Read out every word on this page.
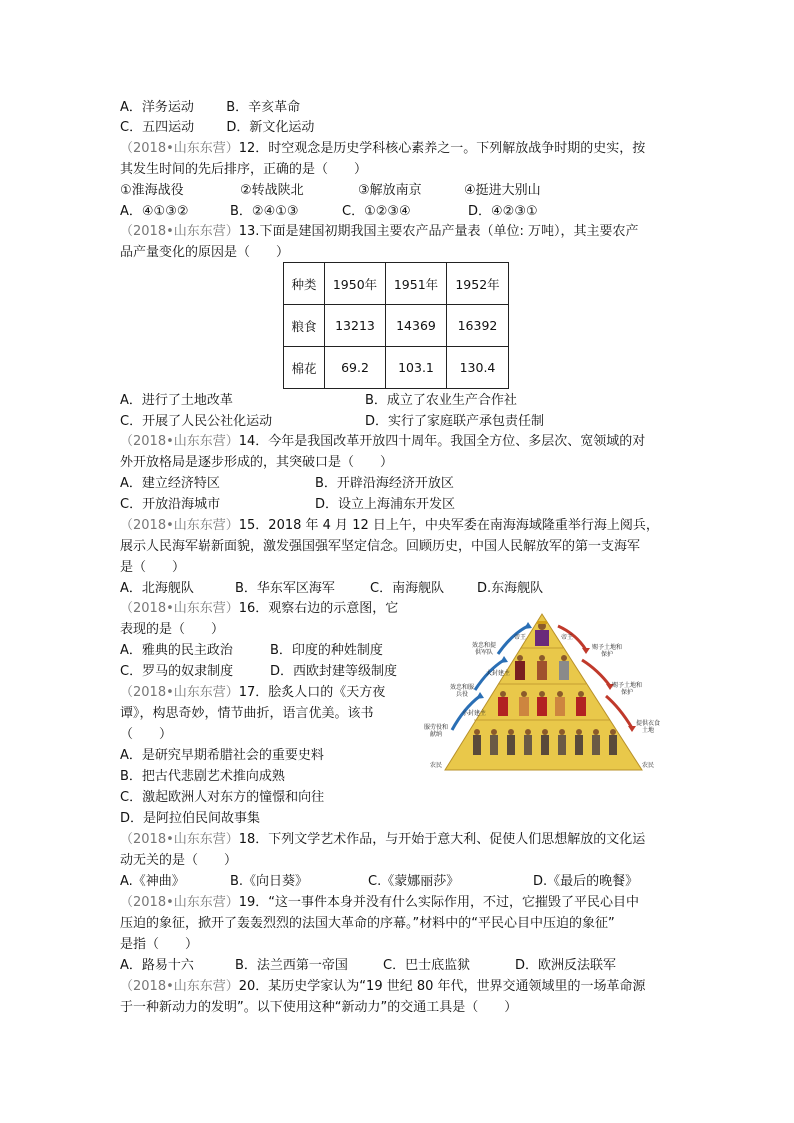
A．洋务运动 B．辛亥革命
C．五四运动 D．新文化运动
（2018•山东东营）12．时空观念是历史学科核心素养之一。下列解放战争时期的史实，按
其发生时间的先后排序，正确的是（　　）
①淮海战役	②转战陕北	③解放南京	④挺进大别山
A．④①③②	B．②④①③	C．①②③④	D．④②③①
（2018•山东东营）13.下面是建国初期我国主要农产品产量表（单位: 万吨），其主要农产
品产量变化的原因是（　　）
种类	1950年	1951年	1952年
粮食	13213	14369	16392
棉花	69.2	103.1	130.4
A．进行了土地改革	B．成立了农业生产合作社
C．开展了人民公社化运动	D．实行了家庭联产承包责任制
（2018•山东东营）14．今年是我国改革开放四十周年。我国全方位、多层次、宽领域的对
外开放格局是逐步形成的，其突破口是（　　）
A．建立经济特区	B．开辟沿海经济开放区
C．开放沿海城市	D．设立上海浦东开发区
（2018•山东东营）15．2018 年 4 月 12 日上午，中央军委在南海海域隆重举行海上阅兵，
展示人民海军崭新面貌，激发强国强军坚定信念。回顾历史，中国人民解放军的第一支海军
是（　　）
A．北海舰队	B．华东军区海军	C．南海舰队	D.东海舰队
（2018•山东东营）16．观察右边的示意图，它
表现的是（　　）
A．雅典的民主政治	B．印度的种姓制度
C．罗马的奴隶制度	D．西欧封建等级制度
（2018•山东东营）17．脍炙人口的《天方夜
谭》，构思奇妙，情节曲折，语言优美。该书
（　　）
A．是研究早期希腊社会的重要史料
B．把古代悲剧艺术推向成熟
C．激起欧洲人对东方的憧憬和向往
D．是阿拉伯民间故事集
（2018•山东东营）18．下列文学艺术作品，与开始于意大利、促使人们思想解放的文化运
动无关的是（　　）
A.《神曲》	B.《向日葵》	C.《蒙娜丽莎》	D.《最后的晚餐》
（2018•山东东营）19．“这一事件本身并没有什么实际作用，不过，它摧毁了平民心目中
压迫的象征，掀开了轰轰烈烈的法国大革命的序幕。”材料中的“平民心目中压迫的象征”
是指（　　）
A．路易十六	B．法兰西第一帝国	C．巴士底监狱	D．欧洲反法联军
（2018•山东东营）20．某历史学家认为“19 世纪 80 年代，世界交通领域里的一场革命源
于一种新动力的发明”。以下使用这种“新动力”的交通工具是（　　）
效忠和提供军队
效忠和服兵役
服劳役和献纳
赐予土地和保护
赐予土地和保护
提供衣食土地
帝王	帝王
大封建主
小封建主
农民	农民
